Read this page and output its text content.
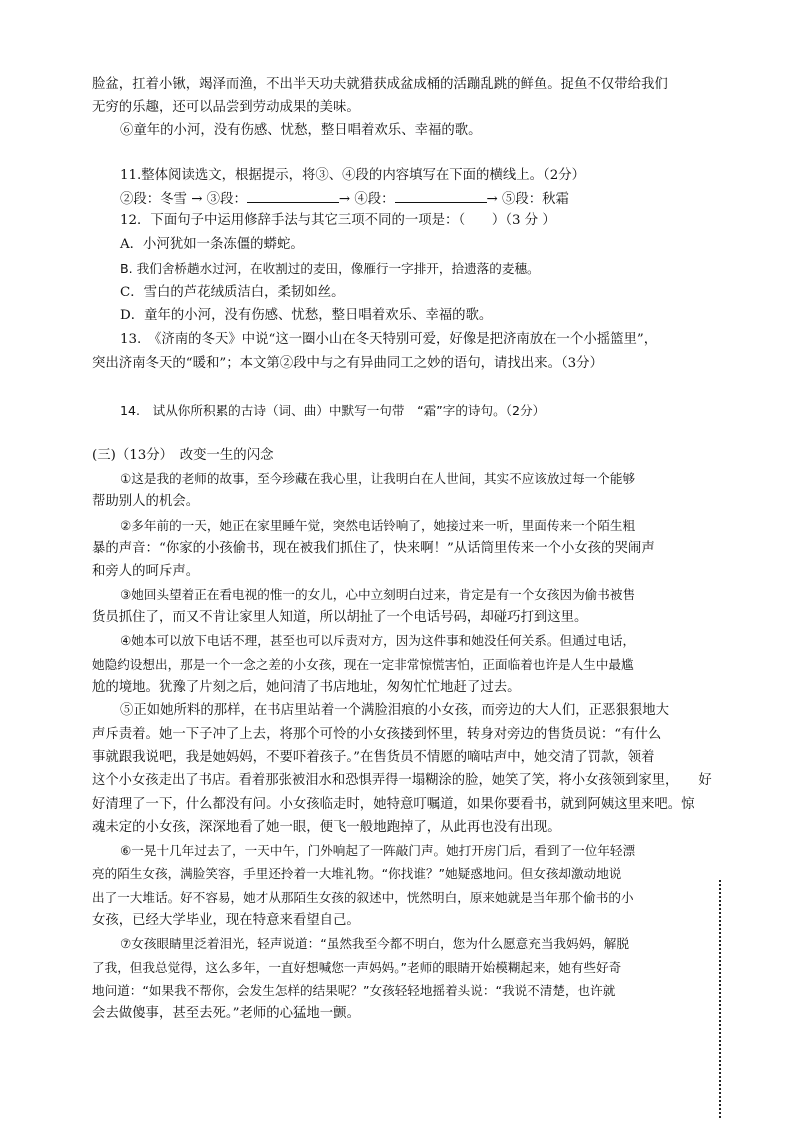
脸盆，扛着小锹，竭泽而渔，不出半天功夫就猎获成盆成桶的活蹦乱跳的鲜鱼。捉鱼不仅带给我们
无穷的乐趣，还可以品尝到劳动成果的美味。
⑥童年的小河，没有伤感、忧愁，整日唱着欢乐、幸福的歌。
11.整体阅读选文，根据提示，将③、④段的内容填写在下面的横线上。（2分）
②段：冬雪 → ③段：	→ ④段：	→ ⑤段：秋霜
12．下面句子中运用修辞手法与其它三项不同的一项是：（　　）（3 分 ）
A．小河犹如一条冻僵的蟒蛇。
B. 我们舍桥趟水过河，在收割过的麦田，像雁行一字排开，拾遗落的麦穗。
C．雪白的芦花绒质洁白，柔韧如丝。
D．童年的小河，没有伤感、忧愁，整日唱着欢乐、幸福的歌。
13.　《济南的冬天》中说“这一圈小山在冬天特别可爱，好像是把济南放在一个小摇篮里”，
突出济南冬天的“暖和”；本文第②段中与之有异曲同工之妙的语句，请找出来。（3分）
14.　试从你所积累的古诗（词、曲）中默写一句带　“霜”字的诗句。（2分）
(三)（13分）　改变一生的闪念
①这是我的老师的故事，至今珍藏在我心里，让我明白在人世间，其实不应该放过每一个能够
帮助别人的机会。
②多年前的一天，她正在家里睡午觉，突然电话铃响了，她接过来一听，里面传来一个陌生粗
暴的声音：“你家的小孩偷书，现在被我们抓住了，快来啊！”从话筒里传来一个小女孩的哭闹声
和旁人的呵斥声。
③她回头望着正在看电视的惟一的女儿，心中立刻明白过来，肯定是有一个女孩因为偷书被售
货员抓住了，而又不肯让家里人知道，所以胡扯了一个电话号码，却碰巧打到这里。
④她本可以放下电话不理，甚至也可以斥责对方，因为这件事和她没任何关系。但通过电话，
她隐约设想出，那是一个一念之差的小女孩，现在一定非常惊慌害怕，正面临着也许是人生中最尴
尬的境地。犹豫了片刻之后，她问清了书店地址，匆匆忙忙地赶了过去。
⑤正如她所料的那样，在书店里站着一个满脸泪痕的小女孩，而旁边的大人们，正恶狠狠地大
声斥责着。她一下子冲了上去，将那个可怜的小女孩搂到怀里，转身对旁边的售货员说：“有什么
事就跟我说吧，我是她妈妈，不要吓着孩子。”在售货员不情愿的嘀咕声中，她交清了罚款，领着
这个小女孩走出了书店。看着那张被泪水和恐惧弄得一塌糊涂的脸，她笑了笑，将小女孩领到家里，　　好
好清理了一下，什么都没有问。小女孩临走时，她特意叮嘱道，如果你要看书，就到阿姨这里来吧。惊
魂未定的小女孩，深深地看了她一眼，便飞一般地跑掉了，从此再也没有出现。
⑥一晃十几年过去了，一天中午，门外响起了一阵敲门声。她打开房门后，看到了一位年轻漂
亮的陌生女孩，满脸笑容，手里还拎着一大堆礼物。“你找谁？”她疑惑地问。但女孩却激动地说
出了一大堆话。好不容易，她才从那陌生女孩的叙述中，恍然明白，原来她就是当年那个偷书的小
女孩，已经大学毕业，现在特意来看望自己。
⑦女孩眼睛里泛着泪光，轻声说道：“虽然我至今都不明白，您为什么愿意充当我妈妈，解脱
了我，但我总觉得，这么多年，一直好想喊您一声妈妈。”老师的眼睛开始模糊起来，她有些好奇
地问道：“如果我不帮你，会发生怎样的结果呢？”女孩轻轻地摇着头说：“我说不清楚，也许就
会去做傻事，甚至去死。”老师的心猛地一颤。
